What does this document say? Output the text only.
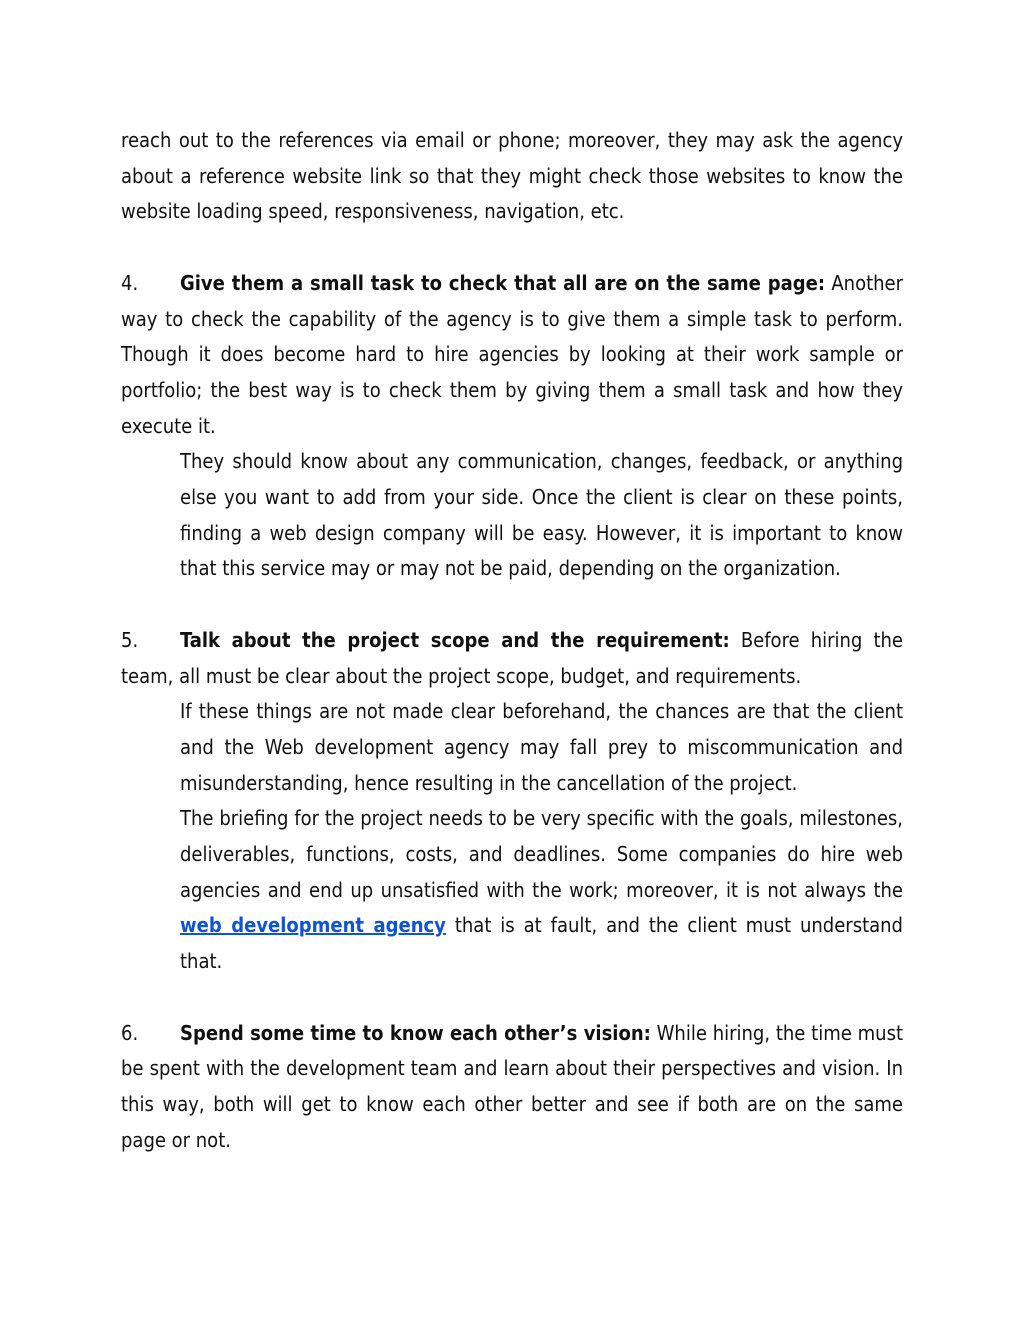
reach out to the references via email or phone; moreover, they may ask the agency about a reference website link so that they might check those websites to know the website loading speed, responsiveness, navigation, etc.

4. Give them a small task to check that all are on the same page: Another way to check the capability of the agency is to give them a simple task to perform. Though it does become hard to hire agencies by looking at their work sample or portfolio; the best way is to check them by giving them a small task and how they execute it.

They should know about any communication, changes, feedback, or anything else you want to add from your side. Once the client is clear on these points, finding a web design company will be easy. However, it is important to know that this service may or may not be paid, depending on the organization.

5. Talk about the project scope and the requirement: Before hiring the team, all must be clear about the project scope, budget, and requirements.

If these things are not made clear beforehand, the chances are that the client and the Web development agency may fall prey to miscommunication and misunderstanding, hence resulting in the cancellation of the project.

The briefing for the project needs to be very specific with the goals, milestones, deliverables, functions, costs, and deadlines. Some companies do hire web agencies and end up unsatisfied with the work; moreover, it is not always the web development agency that is at fault, and the client must understand that.

6. Spend some time to know each other’s vision: While hiring, the time must be spent with the development team and learn about their perspectives and vision. In this way, both will get to know each other better and see if both are on the same page or not.
